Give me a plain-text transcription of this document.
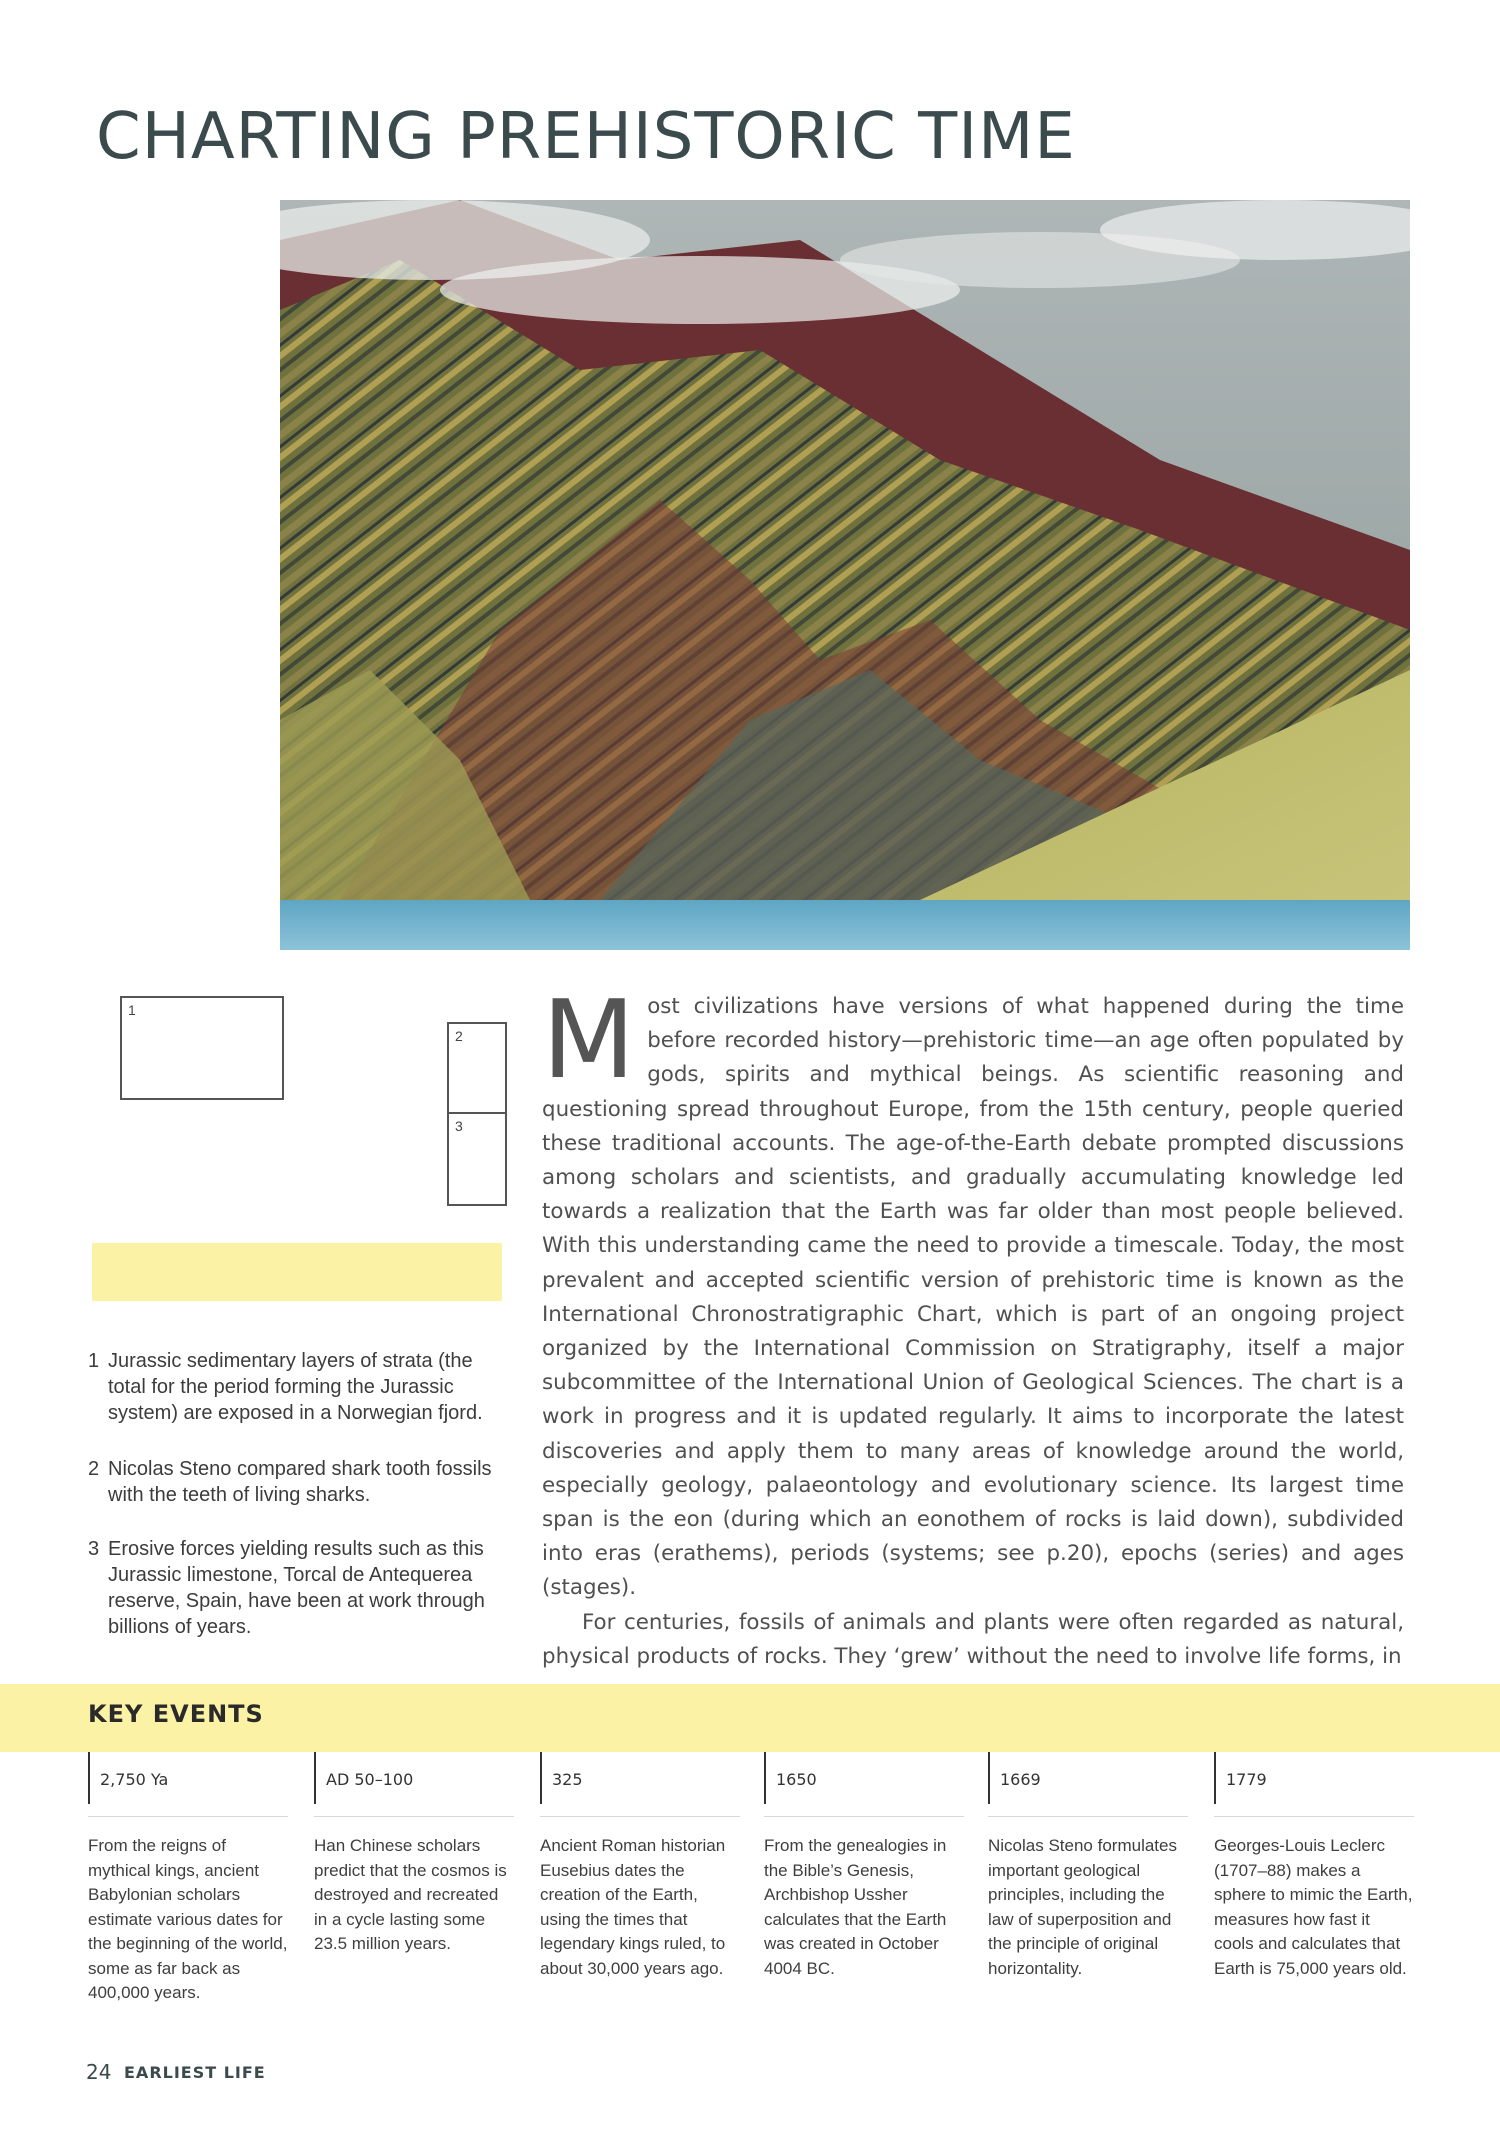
CHARTING PREHISTORIC TIME
1
2
3
1 Jurassic sedimentary layers of strata (the total for the period forming the Jurassic system) are exposed in a Norwegian fjord.
2 Nicolas Steno compared shark tooth fossils with the teeth of living sharks.
3 Erosive forces yielding results such as this Jurassic limestone, Torcal de Antequerea reserve, Spain, have been at work through billions of years.

Most civilizations have versions of what happened during the time before recorded history—prehistoric time—an age often populated by gods, spirits and mythical beings. As scientific reasoning and questioning spread throughout Europe, from the 15th century, people queried these traditional accounts. The age-of-the-Earth debate prompted discussions among scholars and scientists, and gradually accumulating knowledge led towards a realization that the Earth was far older than most people believed. With this understanding came the need to provide a timescale. Today, the most prevalent and accepted scientific version of prehistoric time is known as the International Chronostratigraphic Chart, which is part of an ongoing project organized by the International Commission on Stratigraphy, itself a major subcommittee of the International Union of Geological Sciences. The chart is a work in progress and it is updated regularly. It aims to incorporate the latest discoveries and apply them to many areas of knowledge around the world, especially geology, palaeontology and evolutionary science. Its largest time span is the eon (during which an eonothem of rocks is laid down), subdivided into eras (erathems), periods (systems; see p.20), epochs (series) and ages (stages).

For centuries, fossils of animals and plants were often regarded as natural, physical products of rocks. They ‘grew’ without the need to involve life forms, in

KEY EVENTS
2,750 Ya
From the reigns of mythical kings, ancient Babylonian scholars estimate various dates for the beginning of the world, some as far back as 400,000 years.
AD 50–100
Han Chinese scholars predict that the cosmos is destroyed and recreated in a cycle lasting some 23.5 million years.
325
Ancient Roman historian Eusebius dates the creation of the Earth, using the times that legendary kings ruled, to about 30,000 years ago.
1650
From the genealogies in the Bible’s Genesis, Archbishop Ussher calculates that the Earth was created in October 4004 BC.
1669
Nicolas Steno formulates important geological principles, including the law of superposition and the principle of original horizontality.
1779
Georges-Louis Leclerc (1707–88) makes a sphere to mimic the Earth, measures how fast it cools and calculates that Earth is 75,000 years old.
24 EARLIEST LIFE
